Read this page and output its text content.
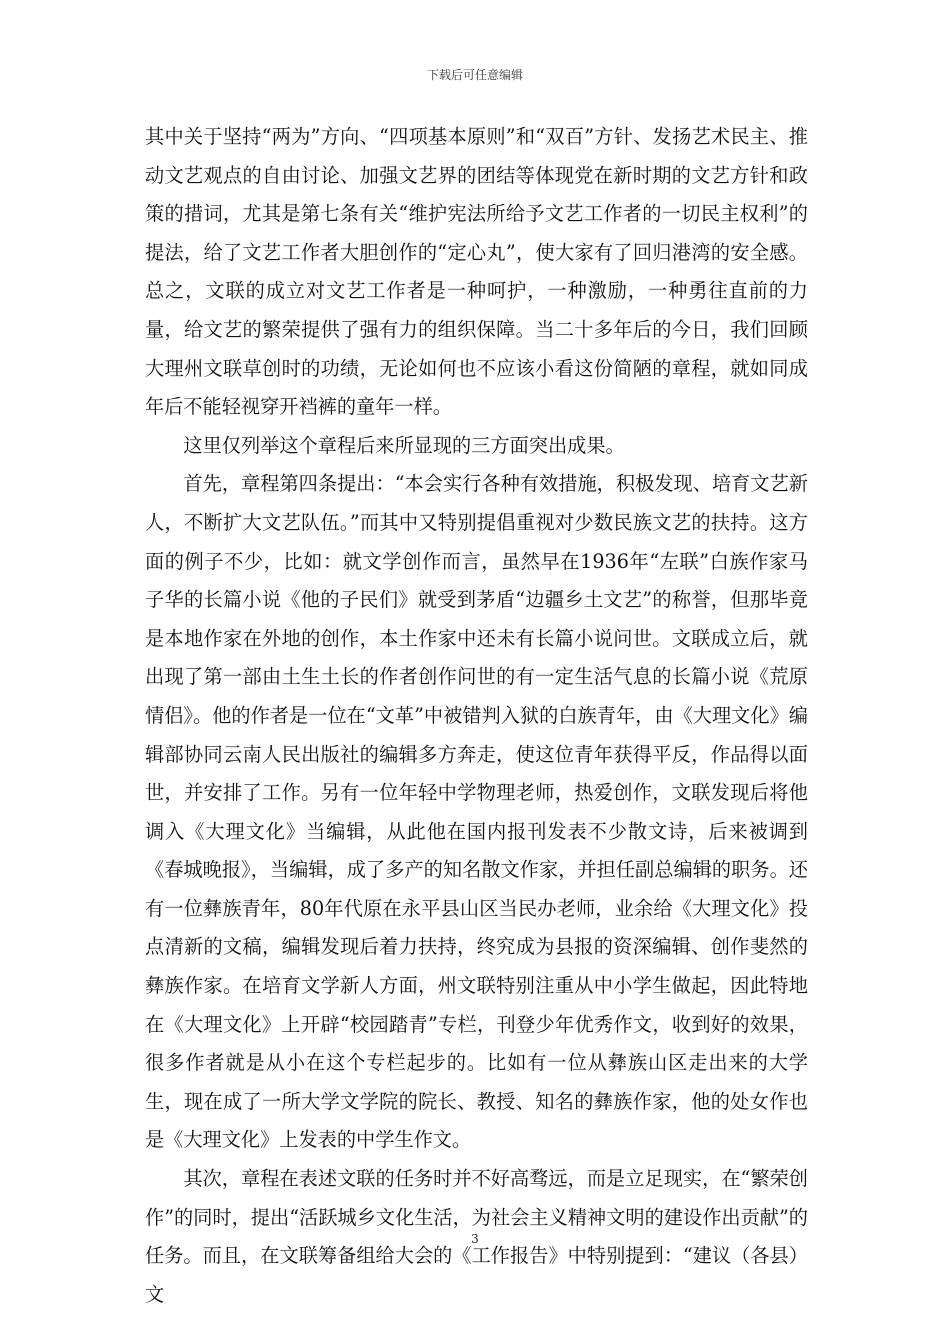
下载后可任意编辑

其中关于坚持“两为”方向、“四项基本原则”和“双百”方针、发扬艺术民主、推动文艺观点的自由讨论、加强文艺界的团结等体现党在新时期的文艺方针和政策的措词，尤其是第七条有关“维护宪法所给予文艺工作者的一切民主权利”的提法，给了文艺工作者大胆创作的“定心丸”，使大家有了回归港湾的安全感。总之，文联的成立对文艺工作者是一种呵护，一种激励，一种勇往直前的力量，给文艺的繁荣提供了强有力的组织保障。当二十多年后的今日，我们回顾大理州文联草创时的功绩，无论如何也不应该小看这份简陋的章程，就如同成年后不能轻视穿开裆裤的童年一样。

这里仅列举这个章程后来所显现的三方面突出成果。

首先，章程第四条提出：“本会实行各种有效措施，积极发现、培育文艺新人，不断扩大文艺队伍。”而其中又特别提倡重视对少数民族文艺的扶持。这方面的例子不少，比如：就文学创作而言，虽然早在1936年“左联”白族作家马子华的长篇小说《他的子民们》就受到茅盾“边疆乡土文艺”的称誉，但那毕竟是本地作家在外地的创作，本土作家中还未有长篇小说问世。文联成立后，就出现了第一部由土生土长的作者创作问世的有一定生活气息的长篇小说《荒原情侣》。他的作者是一位在“文革”中被错判入狱的白族青年，由《大理文化》编辑部协同云南人民出版社的编辑多方奔走，使这位青年获得平反，作品得以面世，并安排了工作。另有一位年轻中学物理老师，热爱创作，文联发现后将他调入《大理文化》当编辑，从此他在国内报刊发表不少散文诗，后来被调到《春城晚报》，当编辑，成了多产的知名散文作家，并担任副总编辑的职务。还有一位彝族青年，80年代原在永平县山区当民办老师，业余给《大理文化》投点清新的文稿，编辑发现后着力扶持，终究成为县报的资深编辑、创作斐然的彝族作家。在培育文学新人方面，州文联特别注重从中小学生做起，因此特地在《大理文化》上开辟“校园踏青”专栏，刊登少年优秀作文，收到好的效果，很多作者就是从小在这个专栏起步的。比如有一位从彝族山区走出来的大学生，现在成了一所大学文学院的院长、教授、知名的彝族作家，他的处女作也是《大理文化》上发表的中学生作文。

其次，章程在表述文联的任务时并不好高骛远，而是立足现实，在“繁荣创作”的同时，提出“活跃城乡文化生活，为社会主义精神文明的建设作出贡献”的任务。而且，在文联筹备组给大会的《工作报告》中特别提到：“建议（各县）文

3
